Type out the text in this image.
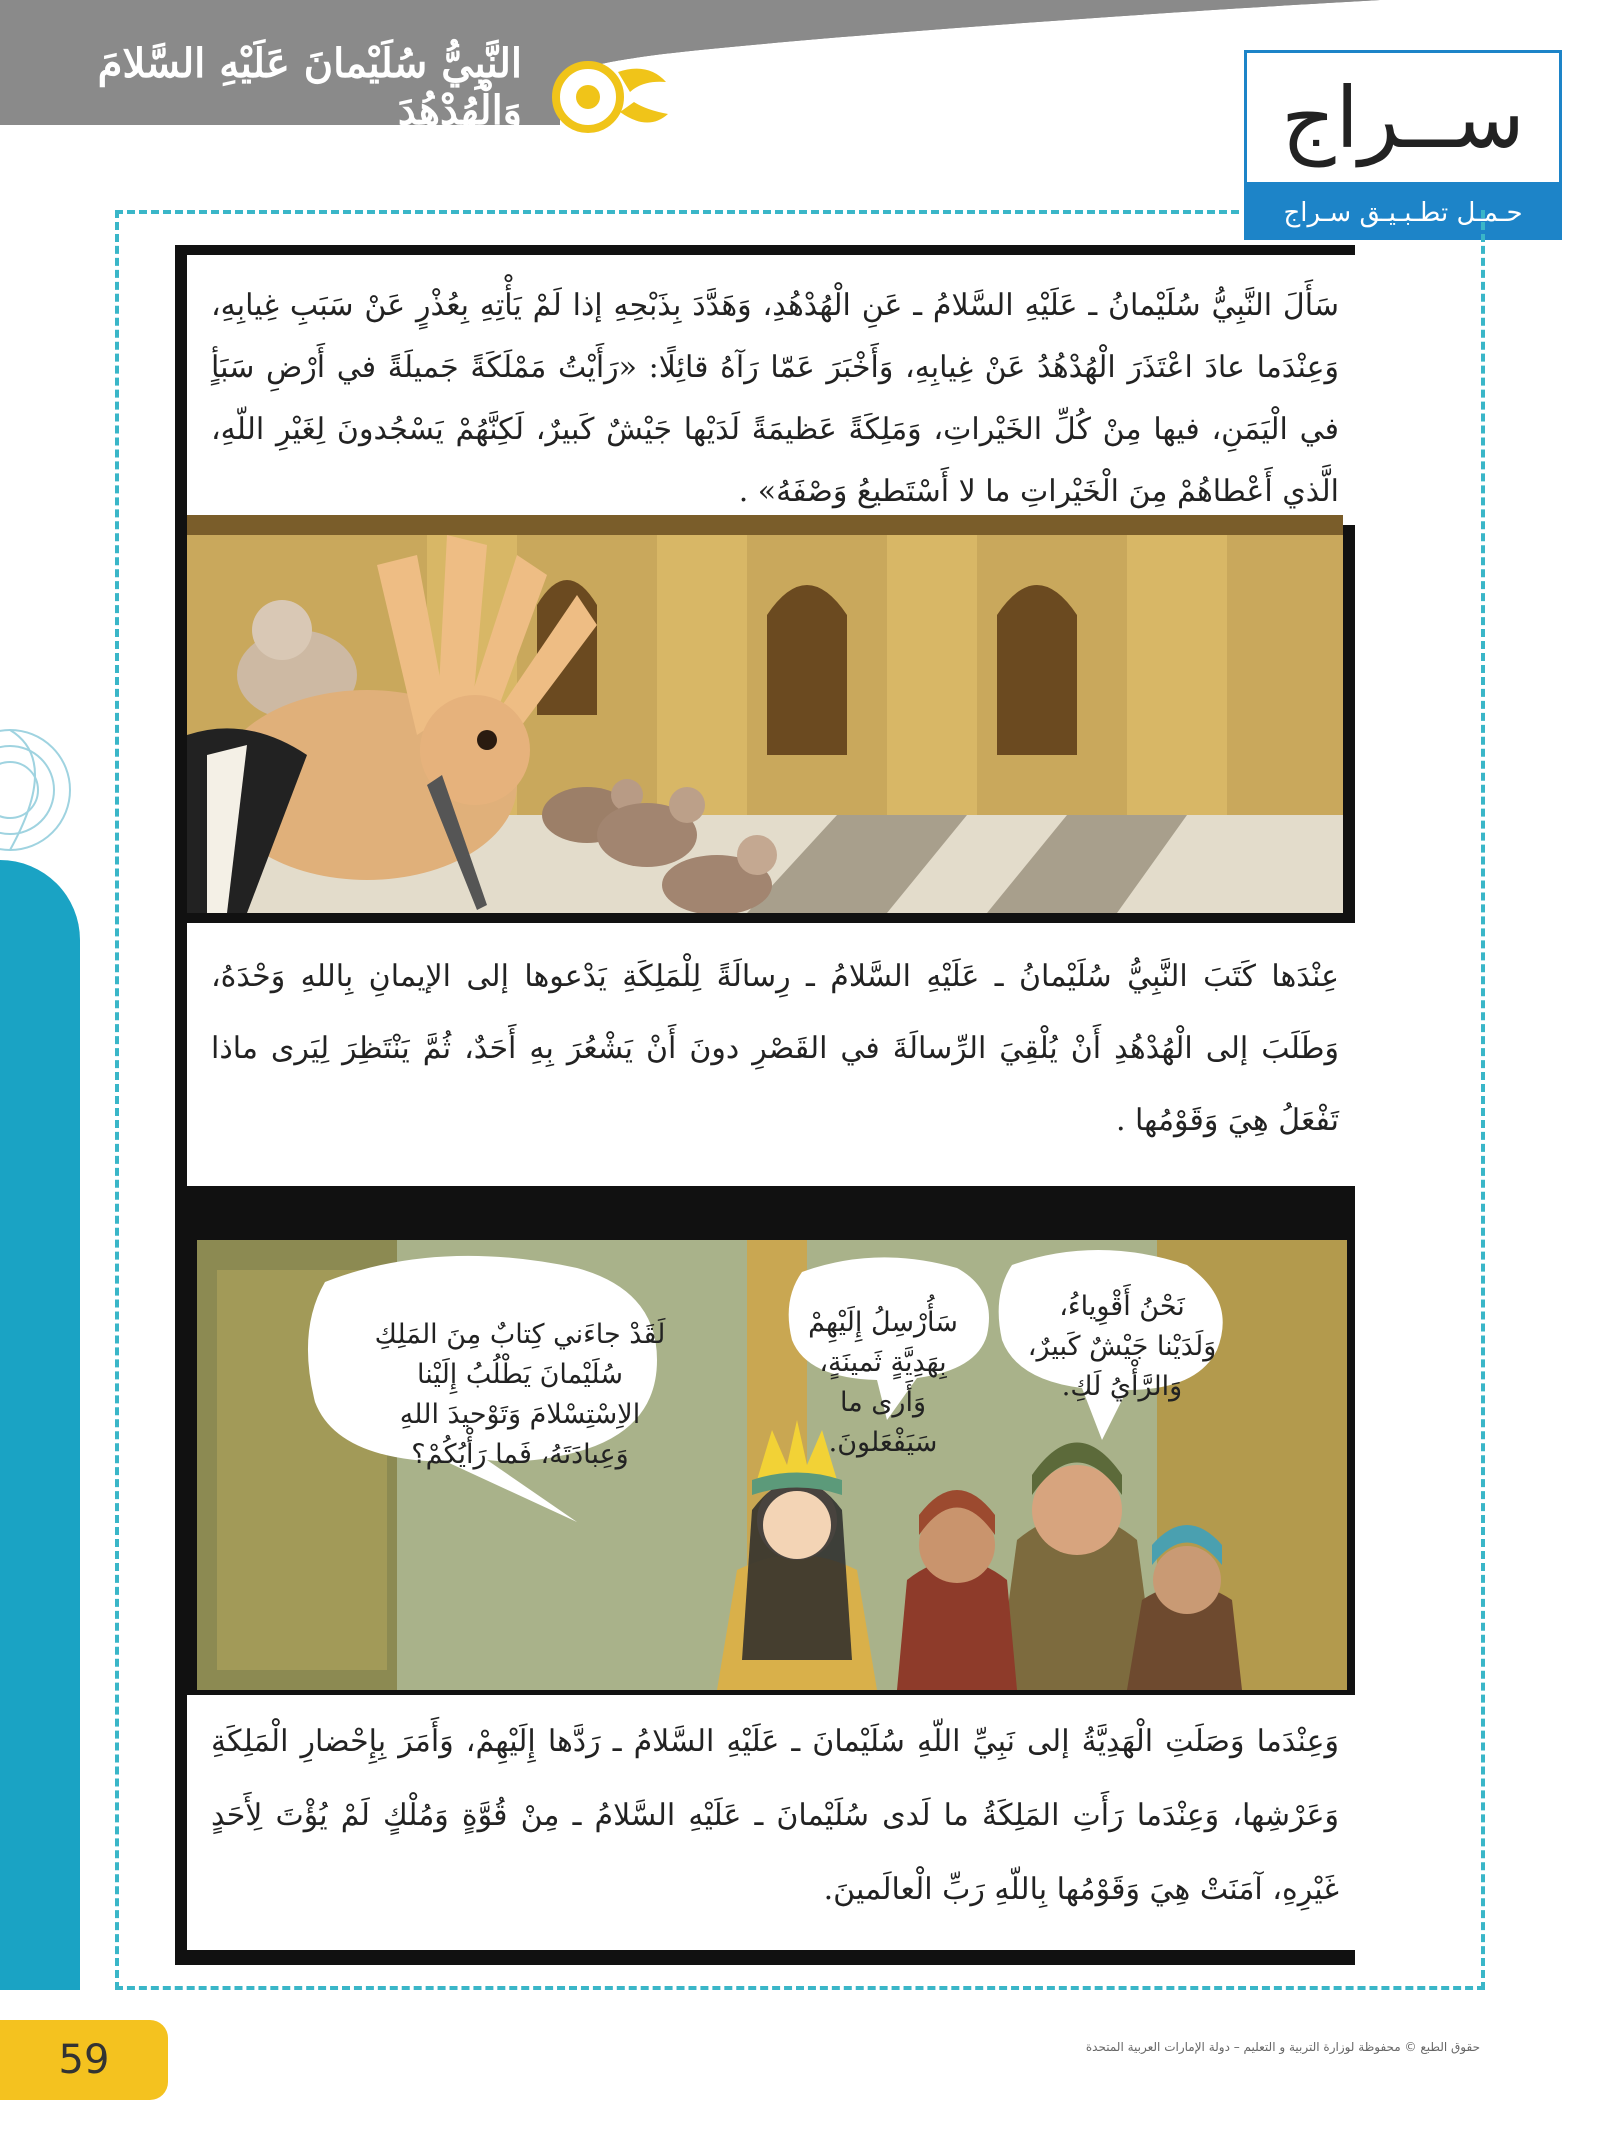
النَّبِيُّ سُلَيْمانَ عَلَيْهِ السَّلامَ وَالْهُدْهُدَ	ســراج
حـمـل تطـبـيـق سـراج
سَأَلَ النَّبِيُّ سُلَيْمانُ ـ عَلَيْهِ السَّلامُ ـ عَنِ الْهُدْهُدِ، وَهَدَّدَ بِذَبْحِهِ إذا لَمْ يَأْتِهِ بِعُذْرٍ عَنْ سَبَبِ غِيابِهِ، وَعِنْدَما عادَ اعْتَذَرَ الْهُدْهُدُ عَنْ غِيابِهِ، وَأَخْبَرَ عَمّا رَآهُ قائِلًا: «رَأَيْتُ مَمْلَكَةً جَميلَةً في أَرْضِ سَبَأٍ في الْيَمَنِ، فيها مِنْ كُلِّ الخَيْراتِ، وَمَلِكَةً عَظيمَةً لَدَيْها جَيْشٌ كَبيرٌ، لَكِنَّهُمْ يَسْجُدونَ لِغَيْرِ اللّهِ، الَّذي أَعْطاهُمْ مِنَ الْخَيْراتِ ما لا أَسْتَطيعُ وَصْفَهُ» .
عِنْدَها كَتَبَ النَّبِيُّ سُلَيْمانُ ـ عَلَيْهِ السَّلامُ ـ رِسالَةً لِلْمَلِكَةِ يَدْعوها إلى الإيمانِ بِاللهِ وَحْدَهُ، وَطَلَبَ إلى الْهُدْهُدِ أَنْ يُلْقِيَ الرِّسالَةَ في القَصْرِ دونَ أَنْ يَشْعُرَ بِهِ أَحَدٌ، ثُمَّ يَنْتَظِرَ لِيَرى ماذا تَفْعَلُ هِيَ وَقَوْمُها .
لَقَدْ جاءَني كِتابٌ مِنَ المَلِكِ سُلَيْمانَ يَطْلُبُ إِلَيْنا الاِسْتِسْلامَ وَتَوْحيدَ اللهِ وَعِبادَتَهُ، فَما رَأْيُكُمْ؟
سَأُرْسِلُ إِلَيْهِمْ بِهَدِيَّةٍ ثَمينَةٍ، وَأَرى ما سَيَفْعَلونَ.
نَحْنُ أَقْوِياءُ، وَلَدَيْنا جَيْشٌ كَبيرٌ، وَالرَّأْيُ لَكِ.
وَعِنْدَما وَصَلَتِ الْهَدِيَّةُ إلى نَبِيِّ اللّهِ سُلَيْمانَ ـ عَلَيْهِ السَّلامُ ـ رَدَّها إِلَيْهِمْ، وَأَمَرَ بِإِحْضارِ الْمَلِكَةِ وَعَرْشِها، وَعِنْدَما رَأَتِ المَلِكَةُ ما لَدى سُلَيْمانَ ـ عَلَيْهِ السَّلامُ ـ مِنْ قُوَّةٍ وَمُلْكٍ لَمْ يُؤْتَ لِأَحَدٍ غَيْرِهِ، آمَنَتْ هِيَ وَقَوْمُها بِاللّهِ رَبِّ الْعالَمينَ.
59	حقوق الطبع © محفوظة لوزارة التربية و التعليم – دولة الإمارات العربية المتحدة
